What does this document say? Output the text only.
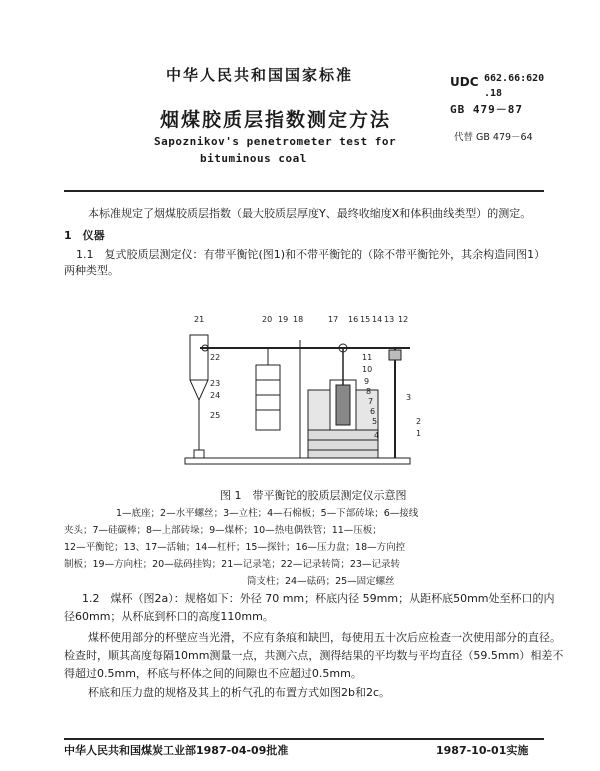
中华人民共和国国家标准
烟煤胶质层指数测定方法
Sapoznikov's penetrometer test for
bituminous coal
UDC 662.66:620
.18
GB 479－87
代替 GB 479－64
本标准规定了烟煤胶质层指数（最大胶质层厚度Y、最终收缩度X和体积曲线类型）的测定。
1　仪器
1.1　复式胶质层测定仪：有带平衡铊(图1)和不带平衡铊的（除不带平衡铊外，其余构造同图1）
两种类型。
21	20 19 18	17 16 15 14 13 12
22
23
24
25
11
10
9
8
7
6
5
4
3
2
1
图 1　带平衡铊的胶质层测定仪示意图
1—底座；2—水平螺丝；3—立柱；4—石棉板；5—下部砖垛；6—接线
夹头；7—硅碳棒；8—上部砖垛；9—煤杯；10—热电偶铁管；11—压板；
12—平衡铊；13、17—活轴；14—杠杆；15—探针；16—压力盘；18—方向控
制板；19—方向柱；20—砝码挂钩；21—记录笔；22—记录转筒；23—记录转
筒支柱；24—砝码；25—固定螺丝
1.2　煤杯（图2a）：规格如下：外径 70 mm；杯底内径 59mm；从距杯底50mm处至杯口的内
径60mm；从杯底到杯口的高度110mm。
煤杯使用部分的杯壁应当光滑，不应有条痕和缺凹，每使用五十次后应检查一次使用部分的直径。
检查时，顺其高度每隔10mm测量一点，共测六点，测得结果的平均数与平均直径（59.5mm）相差不
得超过0.5mm，杯底与杯体之间的间隙也不应超过0.5mm。
杯底和压力盘的规格及其上的析气孔的布置方式如图2b和2c。
中华人民共和国煤炭工业部1987-04-09批准	1987-10-01实施
